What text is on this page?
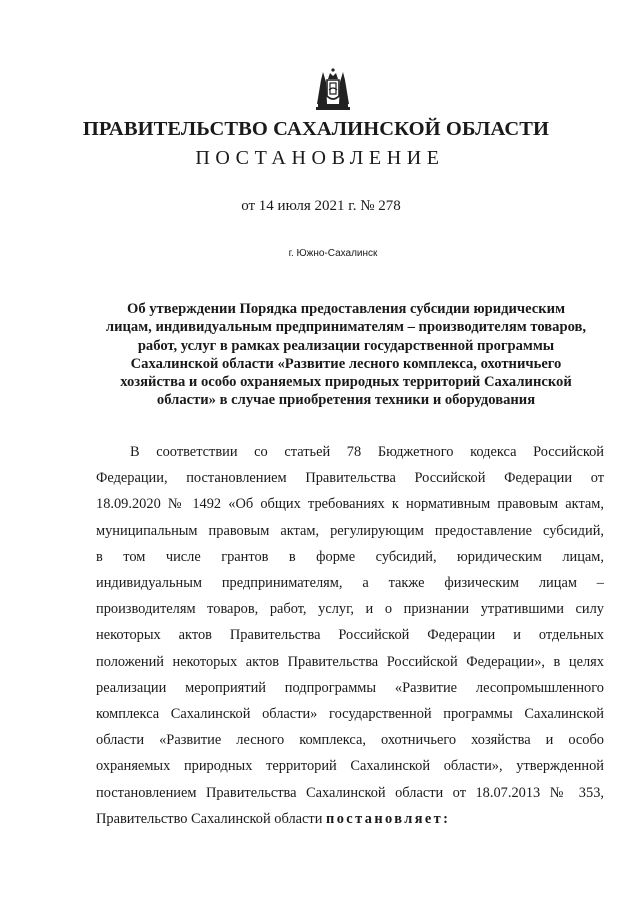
ПРАВИТЕЛЬСТВО САХАЛИНСКОЙ ОБЛАСТИ
ПОСТАНОВЛЕНИЕ
от 14 июля 2021 г. № 278
г. Южно-Сахалинск
Об утверждении Порядка предоставления субсидии юридическим
лицам, индивидуальным предпринимателям – производителям товаров,
работ, услуг в рамках реализации государственной программы
Сахалинской области «Развитие лесного комплекса, охотничьего
хозяйства и особо охраняемых природных территорий Сахалинской
области» в случае приобретения техники и оборудования
В соответствии со статьей 78 Бюджетного кодекса Российской
Федерации, постановлением Правительства Российской Федерации от
18.09.2020 № 1492 «Об общих требованиях к нормативным правовым актам,
муниципальным правовым актам, регулирующим предоставление субсидий,
в том числе грантов в форме субсидий, юридическим лицам,
индивидуальным предпринимателям, а также физическим лицам –
производителям товаров, работ, услуг, и о признании утратившими силу
некоторых актов Правительства Российской Федерации и отдельных
положений некоторых актов Правительства Российской Федерации», в целях
реализации мероприятий подпрограммы «Развитие лесопромышленного
комплекса Сахалинской области» государственной программы Сахалинской
области «Развитие лесного комплекса, охотничьего хозяйства и особо
охраняемых природных территорий Сахалинской области», утвержденной
постановлением Правительства Сахалинской области от 18.07.2013 № 353,
Правительство Сахалинской области постановляет:
